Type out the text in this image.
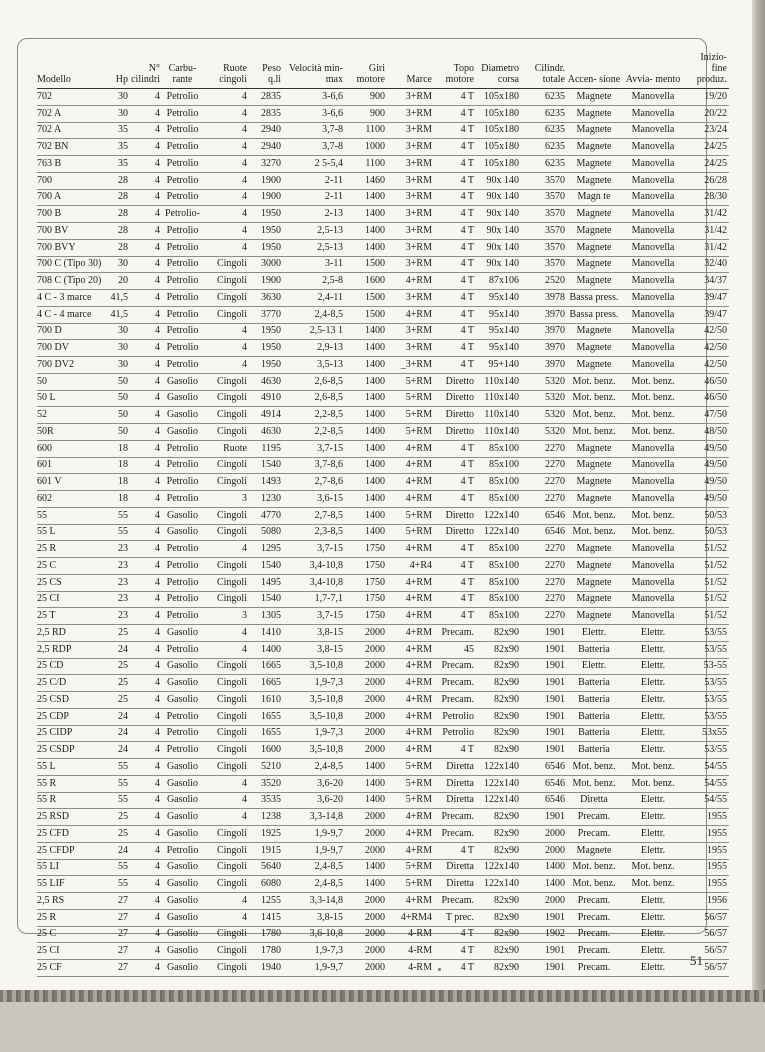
Modello	Hp	N° cilindri	Carbu- rante	Ruote cingoli	Peso q.li	Velocità min-max	Giri motore	Marce	Topo motore	Diametro corsa	Cilindr. totale	Accen- sione	Avvia- mento	Inizio-fine produz.
702	30	4	Petrolio	4	2835	3-6,6	900	3+RM	4 T	105x180	6235	Magnete	Manovella	19/20
702 A	30	4	Petrolio	4	2835	3-6,6	900	3+RM	4 T	105x180	6235	Magnete	Manovella	20/22
702 A	35	4	Petrolio	4	2940	3,7-8	1100	3+RM	4 T	105x180	6235	Magnete	Manovella	23/24
702 BN	35	4	Petrolio	4	2940	3,7-8	1000	3+RM	4 T	105x180	6235	Magnete	Manovella	24/25
763 B	35	4	Petrolio	4	3270	2 5-5,4	1100	3+RM	4 T	105x180	6235	Magnete	Manovella	24/25
700	28	4	Petrolio	4	1900	2-11	1460	3+RM	4 T	90x 140	3570	Magnete	Manovella	26/28
700 A	28	4	Petrolio	4	1900	2-11	1400	3+RM	4 T	90x 140	3570	Magn te	Manovella	28/30
700 B	28	4	Petrolio-	4	1950	2-13	1400	3+RM	4 T	90x 140	3570	Magnete	Manovella	31/42
700 BV	28	4	Petrolio	4	1950	2,5-13	1400	3+RM	4 T	90x 140	3570	Magnete	Manovella	31/42
700 BVY	28	4	Petrolio	4	1950	2,5-13	1400	3+RM	4 T	90x 140	3570	Magnete	Manovella	31/42
700 C (Tipo 30)	30	4	Petrolio	Cingoli	3000	3-11	1500	3+RM	4 T	90x 140	3570	Magnete	Manovella	32/40
708 C (Tipo 20)	20	4	Petrolio	Cingoli	1900	2,5-8	1600	4+RM	4 T	87x106	2520	Magnete	Manovella	34/37
4 C - 3 marce	41,5	4	Petrolio	Cingoli	3630	2,4-11	1500	3+RM	4 T	95x140	3978	Bassa press.	Manovella	39/47
4 C - 4 marce	41,5	4	Petrolio	Cingoli	3770	2,4-8,5	1500	4+RM	4 T	95x140	3970	Bassa press.	Manovella	39/47
700 D	30	4	Petrolio	4	1950	2,5-13 1	1400	3+RM	4 T	95x140	3970	Magnete	Manovella	42/50
700 DV	30	4	Petrolio	4	1950	2,9-13	1400	3+RM	4 T	95x140	3970	Magnete	Manovella	42/50
700 DV2	30	4	Petrolio	4	1950	3,5-13	1400	_3+RM	4 T	95+140	3970	Magnete	Manovella	42/50
50	50	4	Gasolio	Cingoli	4630	2,6-8,5	1400	5+RM	Diretto	110x140	5320	Mot. benz.	Mot. benz.	46/50
50 L	50	4	Gasolio	Cingoli	4910	2,6-8,5	1400	5+RM	Diretto	110x140	5320	Mot. benz.	Mot. benz.	46/50
52	50	4	Gasolio	Cingoli	4914	2,2-8,5	1400	5+RM	Diretto	110x140	5320	Mot. benz.	Mot. benz.	47/50
50R	50	4	Gasolio	Cingoli	4630	2,2-8,5	1400	5+RM	Diretto	110x140	5320	Mot. benz.	Mot. benz.	48/50
600	18	4	Petrolio	Ruote	1195	3,7-15	1400	4+RM	4 T	85x100	2270	Magnete	Manovella	49/50
601	18	4	Petrolio	Cingoli	1540	3,7-8,6	1400	4+RM	4 T	85x100	2270	Magnete	Manovella	49/50
601 V	18	4	Petrolio	Cingoli	1493	2,7-8,6	1400	4+RM	4 T	85x100	2270	Magnete	Manovella	49/50
602	18	4	Petrolio	3	1230	3,6-15	1400	4+RM	4 T	85x100	2270	Magnete	Manovella	49/50
55	55	4	Gasolio	Cingoli	4770	2,7-8,5	1400	5+RM	Diretto	122x140	6546	Mot. benz.	Mot. benz.	50/53
55 L	55	4	Gasolio	Cingoli	5080	2,3-8,5	1400	5+RM	Diretto	122x140	6546	Mot. benz.	Mot. benz.	50/53
25 R	23	4	Petrolio	4	1295	3,7-15	1750	4+RM	4 T	85x100	2270	Magnete	Manovella	51/52
25 C	23	4	Petrolio	Cingoli	1540	3,4-10,8	1750	4+R4	4 T	85x100	2270	Magnete	Manovella	51/52
25 CS	23	4	Petrolio	Cingoli	1495	3,4-10,8	1750	4+RM	4 T	85x100	2270	Magnete	Manovella	51/52
25 CI	23	4	Petrolio	Cingoli	1540	1,7-7,1	1750	4+RM	4 T	85x100	2270	Magnete	Manovella	51/52
25 T	23	4	Petrolio	3	1305	3,7-15	1750	4+RM	4 T	85x100	2270	Magnete	Manovella	51/52
2,5 RD	25	4	Gasolio	4	1410	3,8-15	2000	4+RM	Precam.	82x90	1901	Elettr.	Elettr.	53/55
2,5 RDP	24	4	Petrolio	4	1400	3,8-15	2000	4+RM	45	82x90	1901	Batteria	Elettr.	53/55
25 CD	25	4	Gasolio	Cingoli	1665	3,5-10,8	2000	4+RM	Precam.	82x90	1901	Elettr.	Elettr.	53-55
25 C/D	25	4	Gasolio	Cingoli	1665	1,9-7,3	2000	4+RM	Precam.	82x90	1901	Batteria	Elettr.	53/55
25 CSD	25	4	Gasolio	Cingoli	1610	3,5-10,8	2000	4+RM	Precam.	82x90	1901	Batteria	Elettr.	53/55
25 CDP	24	4	Petrolio	Cingoli	1655	3,5-10,8	2000	4+RM	Petrolio	82x90	1901	Batteria	Elettr.	53/55
25 CIDP	24	4	Petrolio	Cingoli	1655	1,9-7,3	2000	4+RM	Petrolio	82x90	1901	Batteria	Elettr.	53x55
25 CSDP	24	4	Petrolio	Cingoli	1600	3,5-10,8	2000	4+RM	4 T	82x90	1901	Batteria	Elettr.	53/55
55 L	55	4	Gasolio	Cingoli	5210	2,4-8,5	1400	5+RM	Diretta	122x140	6546	Mot. benz.	Mot. benz.	54/55
55 R	55	4	Gasolio	4	3520	3,6-20	1400	5+RM	Diretta	122x140	6546	Mot. benz.	Mot. benz.	54/55
55 R	55	4	Gasolio	4	3535	3,6-20	1400	5+RM	Diretta	122x140	6546	Diretta	Elettr.	54/55
25 RSD	25	4	Gasolio	4	1238	3,3-14,8	2000	4+RM	Precam.	82x90	1901	Precam.	Elettr.	1955
25 CFD	25	4	Gasolio	Cingoli	1925	1,9-9,7	2000	4+RM	Precam.	82x90	2000	Precam.	Elettr.	1955
25 CFDP	24	4	Petrolio	Cingoli	1915	1,9-9,7	2000	4+RM	4 T	82x90	2000	Magnete	Elettr.	1955
55 LI	55	4	Gasolio	Cingoli	5640	2,4-8,5	1400	5+RM	Diretta	122x140	1400	Mot. benz.	Mot. benz.	1955
55 LIF	55	4	Gasolio	Cingoli	6080	2,4-8,5	1400	5+RM	Diretta	122x140	1400	Mot. benz.	Mot. benz.	1955
2,5 RS	27	4	Gasolio	4	1255	3,3-14,8	2000	4+RM	Precam.	82x90	2000	Precam.	Elettr.	1956
25 R	27	4	Gasolio	4	1415	3,8-15	2000	4+RM4	T prec.	82x90	1901	Precam.	Elettr.	56/57
25 C	27	4	Gasolio	Cingoli	1780	3,6-10,8	2000	4-RM	4 T	82x90	1902	Precam.	Elettr.	56/57
25 CI	27	4	Gasolio	Cingoli	1780	1,9-7,3	2000	4-RM	4 T	82x90	1901	Precam.	Elettr.	56/57
25 CF	27	4	Gasolio	Cingoli	1940	1,9-9,7	2000	4-RM	4 T	82x90	1901	Precam.	Elettr.	56/57
51
